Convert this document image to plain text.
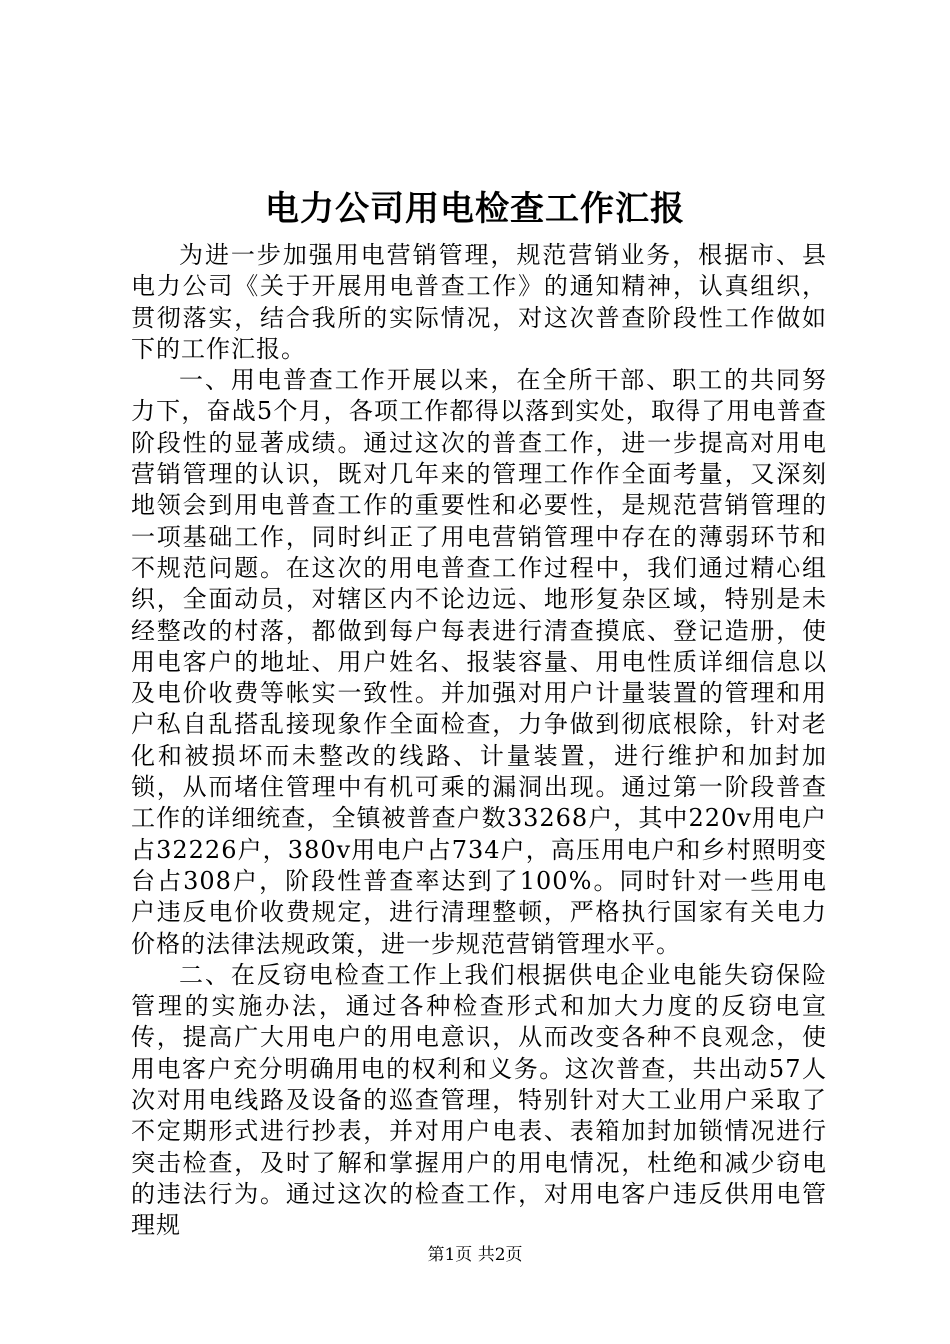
电力公司用电检查工作汇报

为进一步加强用电营销管理，规范营销业务，根据市、县电力公司《关于开展用电普查工作》的通知精神，认真组织，贯彻落实，结合我所的实际情况，对这次普查阶段性工作做如下的工作汇报。

一、用电普查工作开展以来，在全所干部、职工的共同努力下，奋战5个月，各项工作都得以落到实处，取得了用电普查阶段性的显著成绩。通过这次的普查工作，进一步提高对用电营销管理的认识，既对几年来的管理工作作全面考量，又深刻地领会到用电普查工作的重要性和必要性，是规范营销管理的一项基础工作，同时纠正了用电营销管理中存在的薄弱环节和不规范问题。在这次的用电普查工作过程中，我们通过精心组织，全面动员，对辖区内不论边远、地形复杂区域，特别是未经整改的村落，都做到每户每表进行清查摸底、登记造册，使用电客户的地址、用户姓名、报装容量、用电性质详细信息以及电价收费等帐实一致性。并加强对用户计量装置的管理和用户私自乱搭乱接现象作全面检查，力争做到彻底根除，针对老化和被损坏而未整改的线路、计量装置，进行维护和加封加锁，从而堵住管理中有机可乘的漏洞出现。通过第一阶段普查工作的详细统查，全镇被普查户数33268户，其中220v用电户占32226户，380v用电户占734户，高压用电户和乡村照明变台占308户，阶段性普查率达到了100%。同时针对一些用电户违反电价收费规定，进行清理整顿，严格执行国家有关电力价格的法律法规政策，进一步规范营销管理水平。

二、在反窃电检查工作上我们根据供电企业电能失窃保险管理的实施办法，通过各种检查形式和加大力度的反窃电宣传，提高广大用电户的用电意识，从而改变各种不良观念，使用电客户充分明确用电的权利和义务。这次普查，共出动57人次对用电线路及设备的巡查管理，特别针对大工业用户采取了不定期形式进行抄表，并对用户电表、表箱加封加锁情况进行突击检查，及时了解和掌握用户的用电情况，杜绝和减少窃电的违法行为。通过这次的检查工作，对用电客户违反供用电管理规

第1页 共2页
